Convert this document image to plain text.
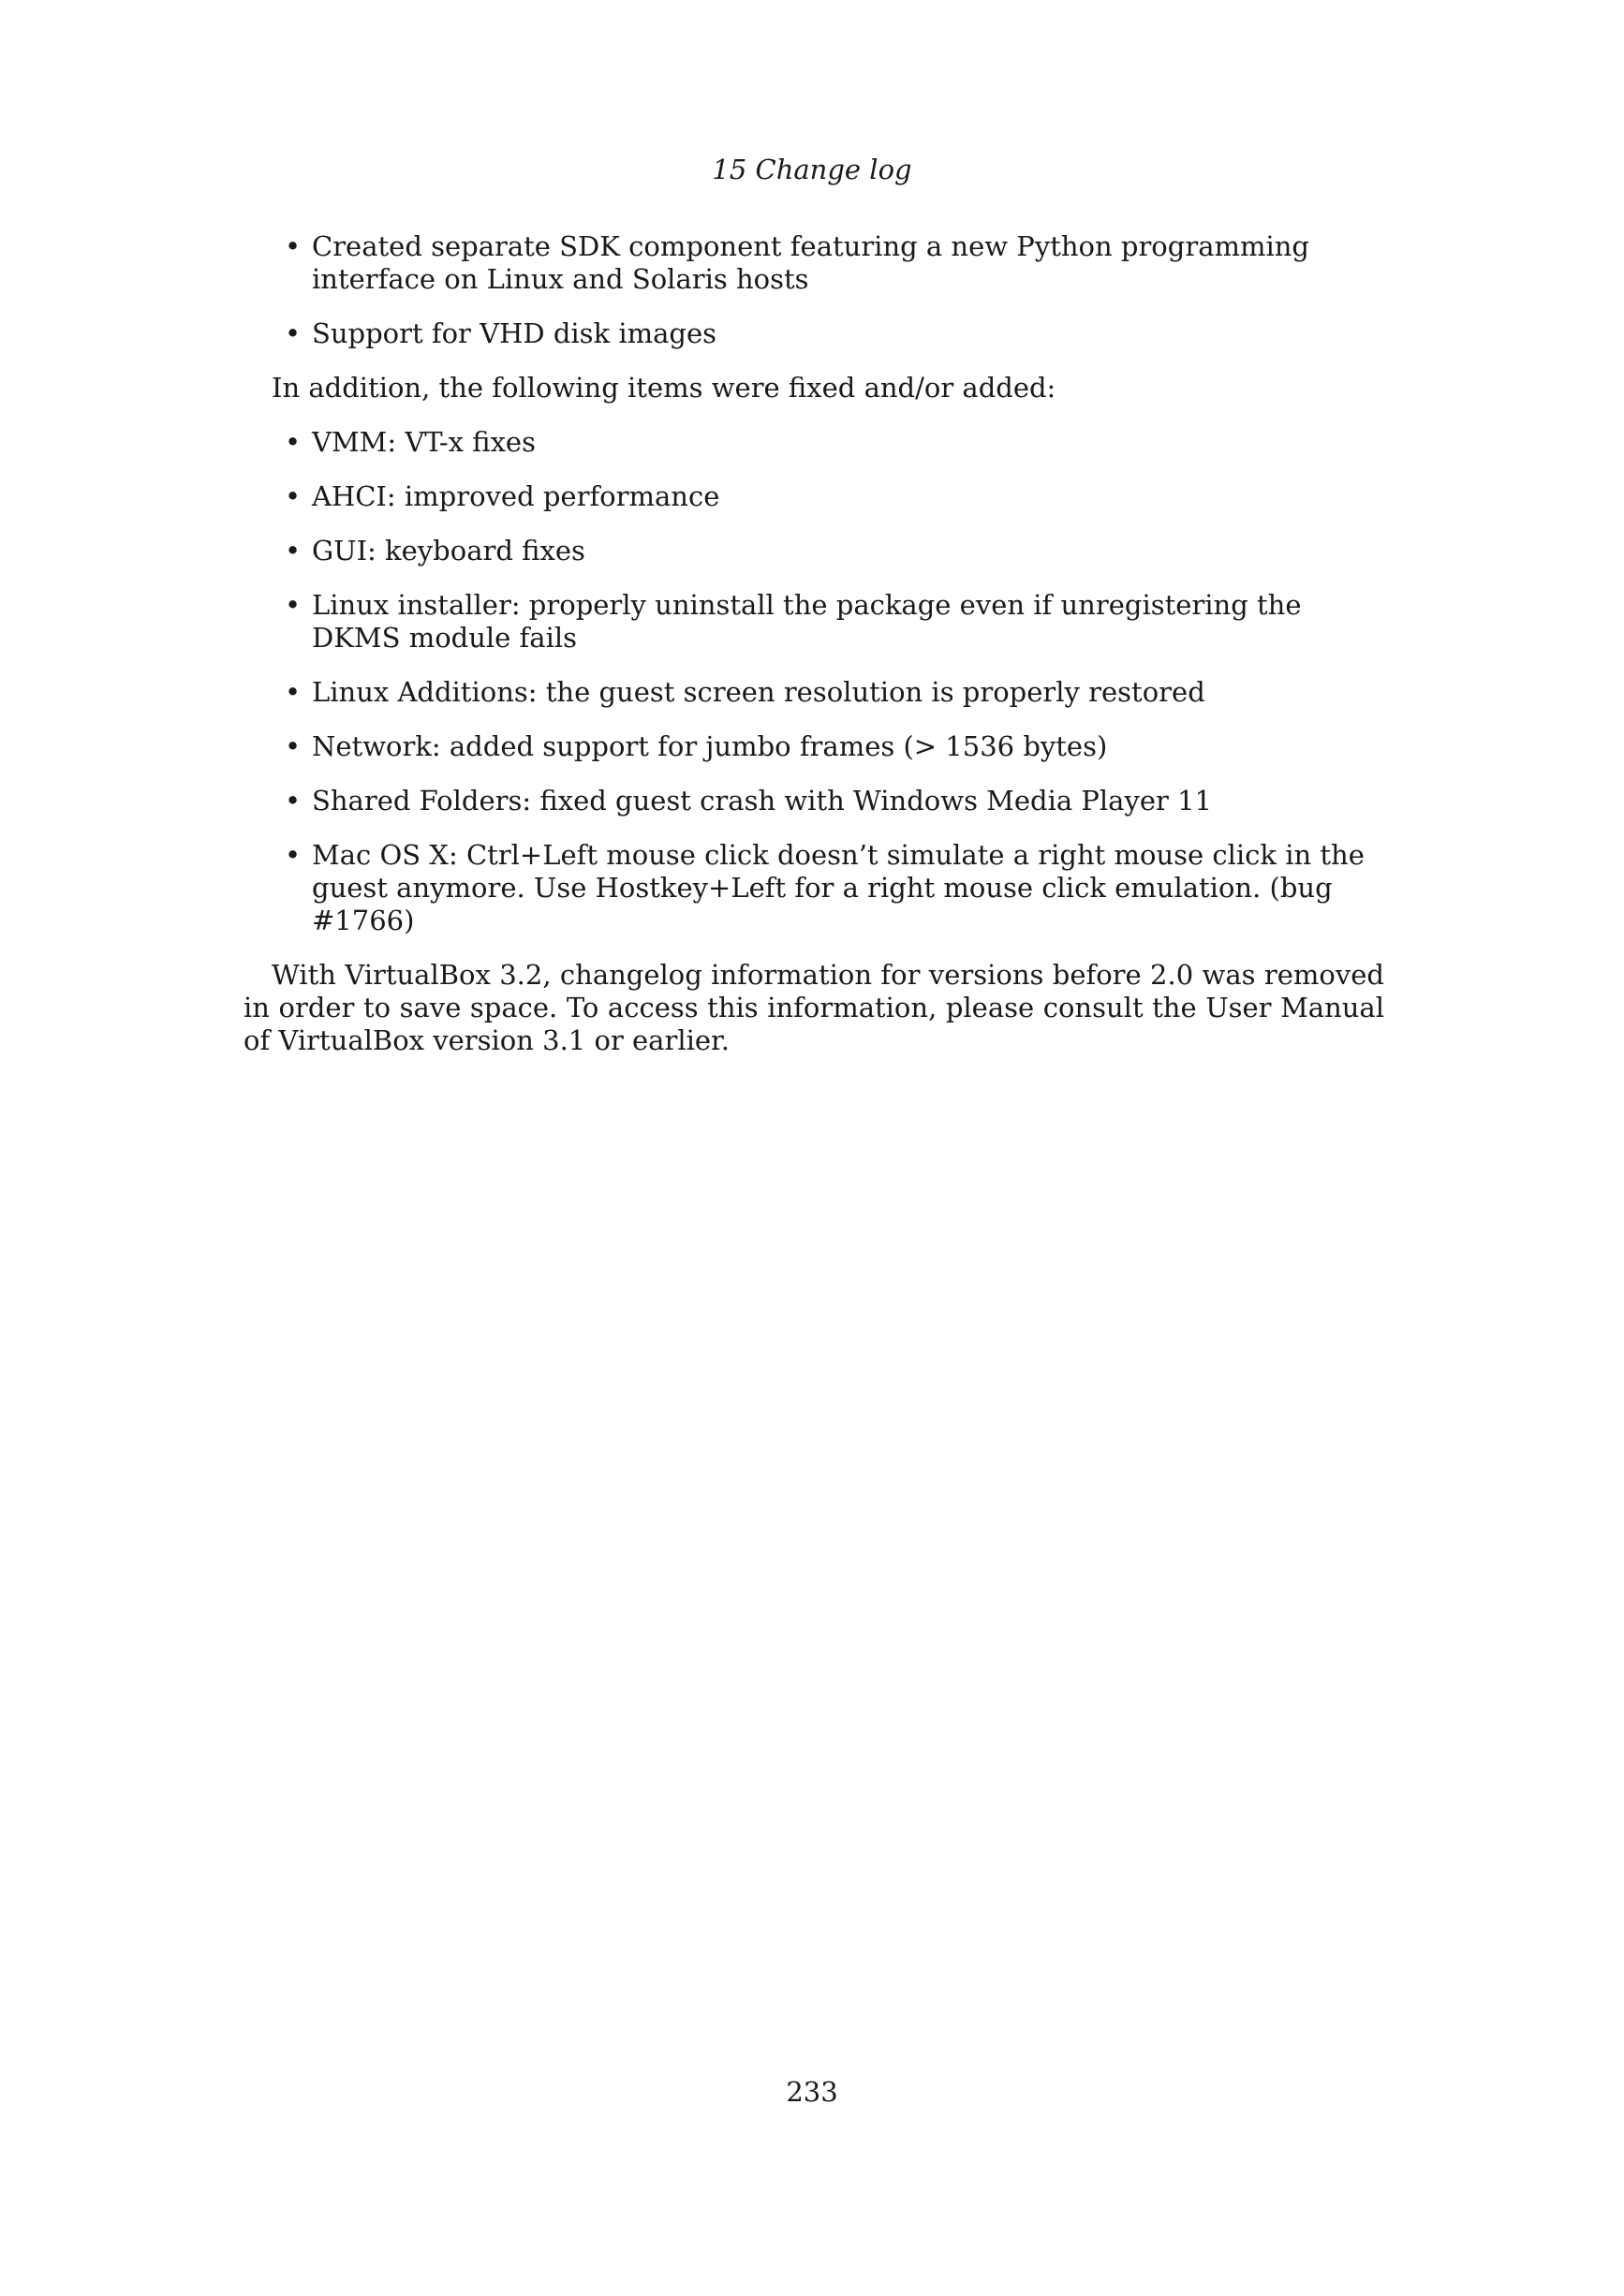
15 Change log
• Created separate SDK component featuring a new Python programming interface on Linux and Solaris hosts
• Support for VHD disk images

In addition, the following items were fixed and/or added:

• VMM: VT-x fixes
• AHCI: improved performance
• GUI: keyboard fixes
• Linux installer: properly uninstall the package even if unregistering the DKMS module fails
• Linux Additions: the guest screen resolution is properly restored
• Network: added support for jumbo frames (> 1536 bytes)
• Shared Folders: fixed guest crash with Windows Media Player 11
• Mac OS X: Ctrl+Left mouse click doesn’t simulate a right mouse click in the guest anymore. Use Hostkey+Left for a right mouse click emulation. (bug #1766)

With VirtualBox 3.2, changelog information for versions before 2.0 was removed in order to save space. To access this information, please consult the User Manual of VirtualBox version 3.1 or earlier.

233
